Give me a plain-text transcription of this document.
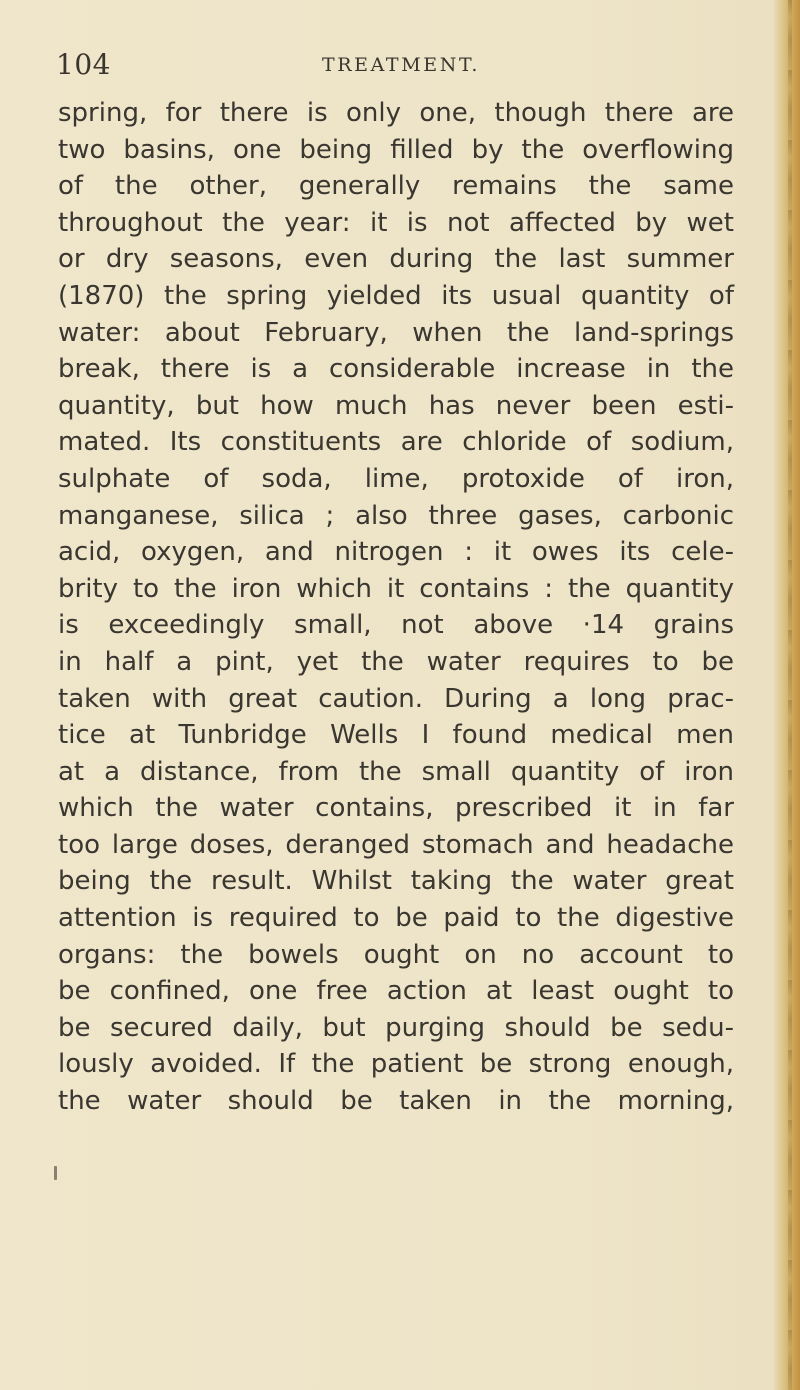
104	TREATMENT.
spring, for there is only one, though there are
two basins, one being filled by the overflowing
of the other, generally remains the same
throughout the year: it is not affected by wet
or dry seasons, even during the last summer
(1870) the spring yielded its usual quantity of
water: about February, when the land-springs
break, there is a considerable increase in the
quantity, but how much has never been esti-
mated. Its constituents are chloride of sodium,
sulphate of soda, lime, protoxide of iron,
manganese, silica ; also three gases, carbonic
acid, oxygen, and nitrogen : it owes its cele-
brity to the iron which it contains : the quantity
is exceedingly small, not above ·14 grains
in half a pint, yet the water requires to be
taken with great caution. During a long prac-
tice at Tunbridge Wells I found medical men
at a distance, from the small quantity of iron
which the water contains, prescribed it in far
too large doses, deranged stomach and headache
being the result. Whilst taking the water great
attention is required to be paid to the digestive
organs: the bowels ought on no account to
be confined, one free action at least ought to
be secured daily, but purging should be sedu-
lously avoided. If the patient be strong enough,
the water should be taken in the morning,
